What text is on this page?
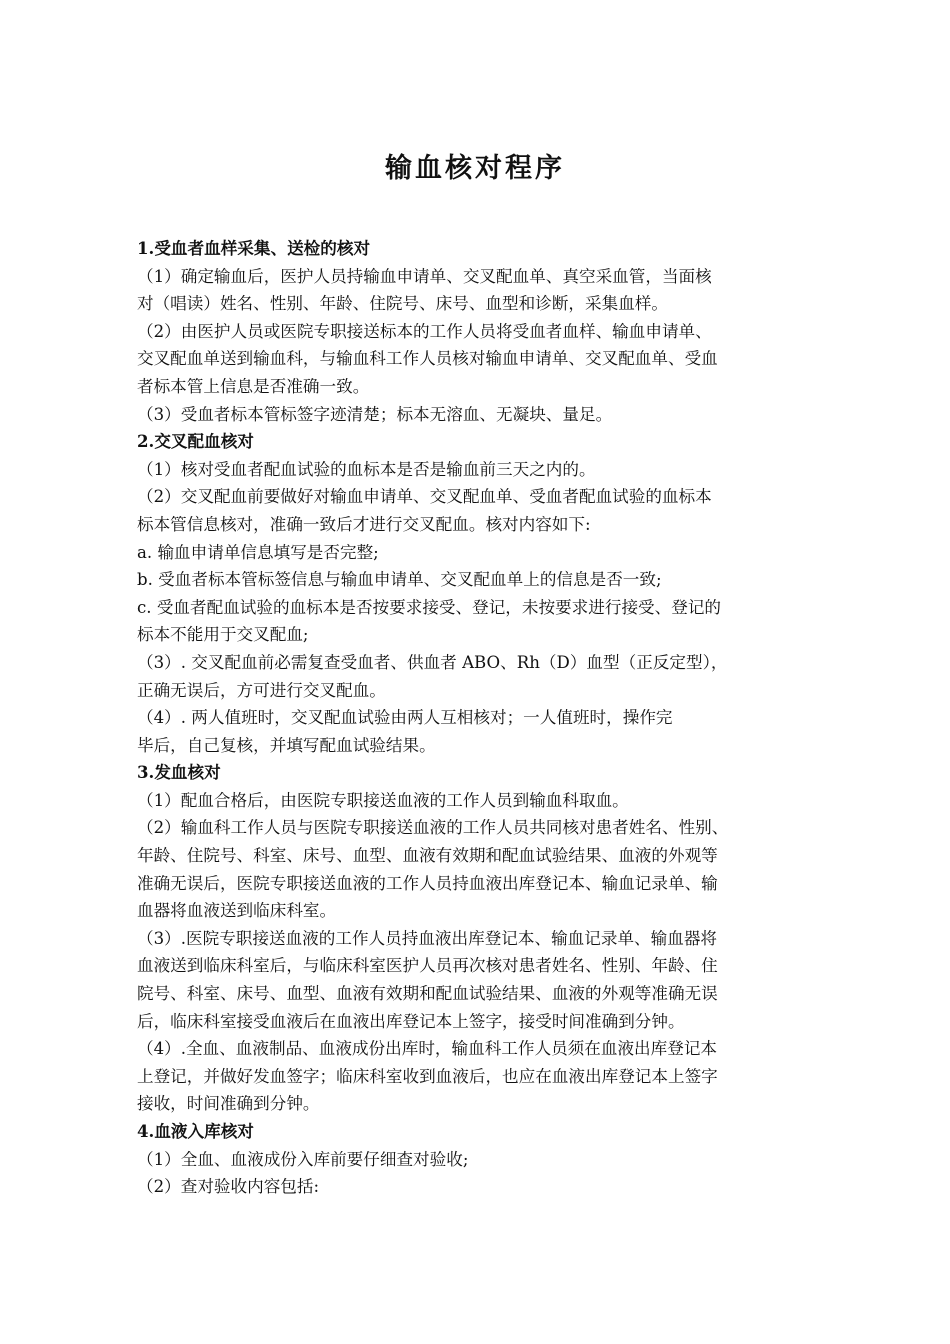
输血核对程序
1.受血者血样采集、送检的核对
（1）确定输血后，医护人员持输血申请单、交叉配血单、真空采血管，当面核
对（唱读）姓名、性别、年龄、住院号、床号、血型和诊断，采集血样。
（2）由医护人员或医院专职接送标本的工作人员将受血者血样、输血申请单、
交叉配血单送到输血科，与输血科工作人员核对输血申请单、交叉配血单、受血
者标本管上信息是否准确一致。
（3）受血者标本管标签字迹清楚；标本无溶血、无凝块、量足。
2.交叉配血核对
（1）核对受血者配血试验的血标本是否是输血前三天之内的。
（2）交叉配血前要做好对输血申请单、交叉配血单、受血者配血试验的血标本
标本管信息核对，准确一致后才进行交叉配血。核对内容如下:
a. 输血申请单信息填写是否完整;
b. 受血者标本管标签信息与输血申请单、交叉配血单上的信息是否一致;
c. 受血者配血试验的血标本是否按要求接受、登记，未按要求进行接受、登记的
标本不能用于交叉配血;
（3）. 交叉配血前必需复查受血者、供血者 ABO、Rh（D）血型（正反定型），
正确无误后，方可进行交叉配血。
（4）. 两人值班时，交叉配血试验由两人互相核对；一人值班时，操作完
毕后，自己复核，并填写配血试验结果。
3.发血核对
（1）配血合格后，由医院专职接送血液的工作人员到输血科取血。
（2）输血科工作人员与医院专职接送血液的工作人员共同核对患者姓名、性别、
年龄、住院号、科室、床号、血型、血液有效期和配血试验结果、血液的外观等
准确无误后，医院专职接送血液的工作人员持血液出库登记本、输血记录单、输
血器将血液送到临床科室。
（3）.医院专职接送血液的工作人员持血液出库登记本、输血记录单、输血器将
血液送到临床科室后，与临床科室医护人员再次核对患者姓名、性别、年龄、住
院号、科室、床号、血型、血液有效期和配血试验结果、血液的外观等准确无误
后，临床科室接受血液后在血液出库登记本上签字，接受时间准确到分钟。
（4）.全血、血液制品、血液成份出库时，输血科工作人员须在血液出库登记本
上登记，并做好发血签字；临床科室收到血液后，也应在血液出库登记本上签字
接收，时间准确到分钟。
4.血液入库核对
（1）全血、血液成份入库前要仔细查对验收;
（2）查对验收内容包括:
